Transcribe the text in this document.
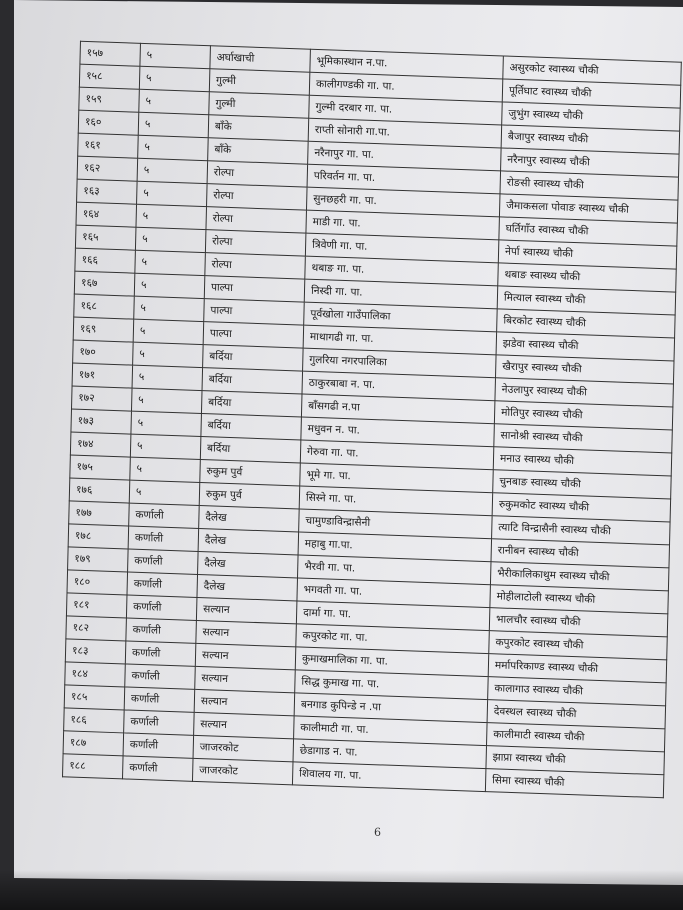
१५७	५	अर्घाखाची	भूमिकास्थान न.पा.	असुरकोट स्वास्थ्य चौकी
१५८	५	गुल्मी	कालीगण्डकी गा. पा.	पूर्तिघाट स्वास्थ्य चौकी
१५९	५	गुल्मी	गुल्मी दरबार गा. पा.	जुभुंग स्वास्थ्य चौकी
१६०	५	बाँके	राप्ती सोनारी गा.पा.	बैजापुर स्वास्थ्य चौकी
१६१	५	बाँके	नरैनापुर गा. पा.	नरैनापुर स्वास्थ्य चौकी
१६२	५	रोल्पा	परिवर्तन गा. पा.	रोङसी स्वास्थ्य चौकी
१६३	५	रोल्पा	सुनछहरी गा. पा.	जैमाकसला पोवाङ स्वास्थ्य चौकी
१६४	५	रोल्पा	माडी गा. पा.	घर्तिगाँउ स्वास्थ्य चौकी
१६५	५	रोल्पा	त्रिवेणी गा. पा.	नेर्पा स्वास्थ्य चौकी
१६६	५	रोल्पा	थबाङ गा. पा.	थबाङ स्वास्थ्य चौकी
१६७	५	पाल्पा	निस्दी गा. पा.	मित्याल स्वास्थ्य चौकी
१६८	५	पाल्पा	पूर्वखोला गाउँपालिका	बिरकोट स्वास्थ्य चौकी
१६९	५	पाल्पा	माथागढी गा. पा.	झडेवा स्वास्थ्य चौकी
१७०	५	बर्दिया	गुलरिया नगरपालिका	खैरापुर स्वास्थ्य चौकी
१७१	५	बर्दिया	ठाकुरबाबा न. पा.	नेउलापुर स्वास्थ्य चौकी
१७२	५	बर्दिया	बाँसगढी न.पा	मोतिपुर स्वास्थ्य चौकी
१७३	५	बर्दिया	मधुवन न. पा.	सानोश्री स्वास्थ्य चौकी
१७४	५	बर्दिया	गेरुवा गा. पा.	मनाउ स्वास्थ्य चौकी
१७५	५	रुकुम पुर्व	भूमे गा. पा.	चुनबाङ स्वास्थ्य चौकी
१७६	५	रुकुम पुर्व	सिस्ने गा. पा.	रुकुमकोट स्वास्थ्य चौकी
१७७	कर्णाली	दैलेख	चामुण्डाविन्द्रासैनी	त्याटि विन्द्रासैनी स्वास्थ्य चौकी
१७८	कर्णाली	दैलेख	महाबु गा.पा.	रानीबन स्वास्थ्य चौकी
१७९	कर्णाली	दैलेख	भैरवी गा. पा.	भैरीकालिकाथुम स्वास्थ्य चौकी
१८०	कर्णाली	दैलेख	भगवती गा. पा.	मोहीलाटोली स्वास्थ्य चौकी
१८१	कर्णाली	सल्यान	दार्मा गा. पा.	भालचौर स्वास्थ्य चौकी
१८२	कर्णाली	सल्यान	कपुरकोट गा. पा.	कपुरकोट स्वास्थ्य चौकी
१८३	कर्णाली	सल्यान	कुमाखमालिका गा. पा.	मर्मापरिकाण्ड स्वास्थ्य चौकी
१८४	कर्णाली	सल्यान	सिद्ध कुमाख गा. पा.	कालागाउ स्वास्थ्य चौकी
१८५	कर्णाली	सल्यान	बनगाड कुपिन्डे न .पा	देवस्थल स्वास्थ्य चौकी
१८६	कर्णाली	सल्यान	कालीमाटी गा. पा.	कालीमाटी स्वास्थ्य चौकी
१८७	कर्णाली	जाजरकोट	छेडागाड न. पा.	झाप्रा स्वास्थ्य चौकी
१८८	कर्णाली	जाजरकोट	शिवालय गा. पा.	सिमा स्वास्थ्य चौकी
6
